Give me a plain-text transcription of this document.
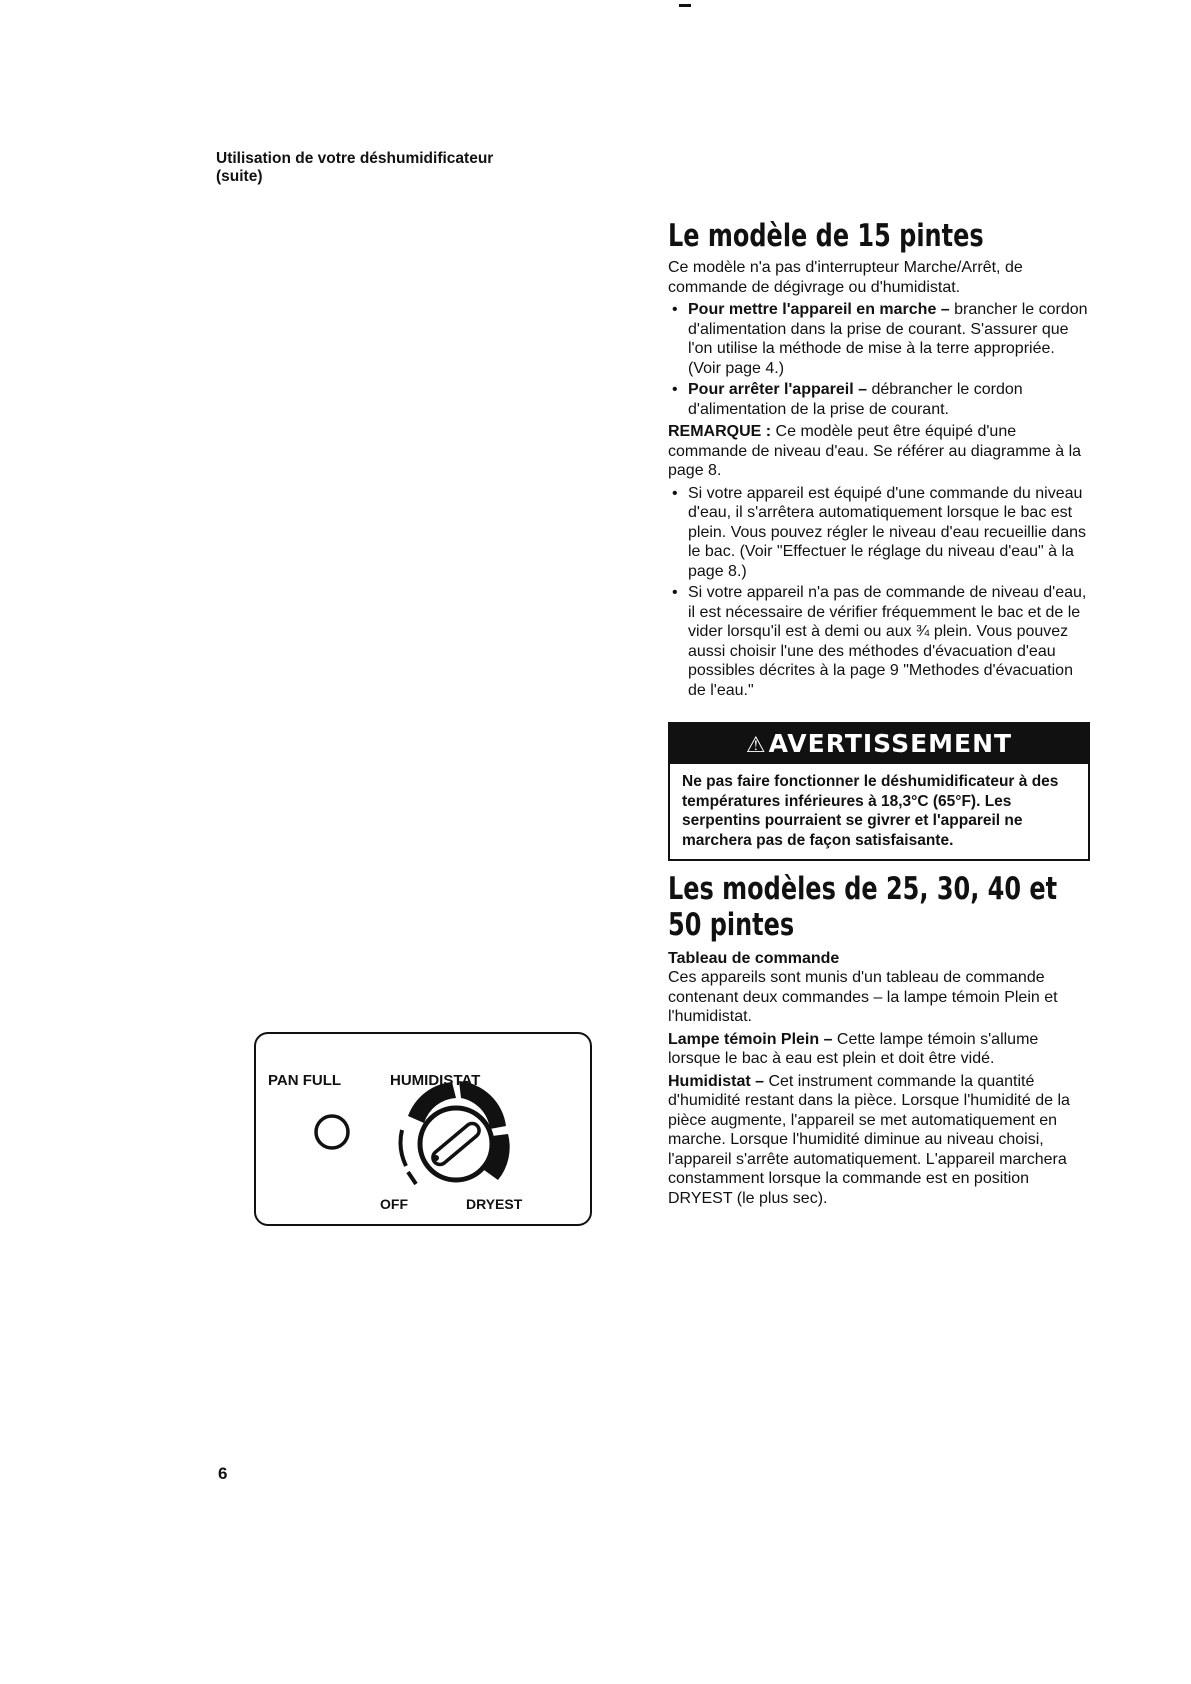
Utilisation de votre déshumidificateur
(suite)
Le modèle de 15 pintes

Ce modèle n'a pas d'interrupteur Marche/Arrêt, de commande de dégivrage ou d'humidistat.

• Pour mettre l'appareil en marche – brancher le cordon d'alimentation dans la prise de courant. S'assurer que l'on utilise la méthode de mise à la terre appropriée. (Voir page 4.)
• Pour arrêter l'appareil – débrancher le cordon d'alimentation de la prise de courant.

REMARQUE : Ce modèle peut être équipé d'une commande de niveau d'eau. Se référer au diagramme à la page 8.

• Si votre appareil est équipé d'une commande du niveau d'eau, il s'arrêtera automatiquement lorsque le bac est plein. Vous pouvez régler le niveau d'eau recueillie dans le bac. (Voir "Effectuer le réglage du niveau d'eau" à la page 8.)
• Si votre appareil n'a pas de commande de niveau d'eau, il est nécessaire de vérifier fréquemment le bac et de le vider lorsqu'il est à demi ou aux ¾ plein. Vous pouvez aussi choisir l'une des méthodes d'évacuation d'eau possibles décrites à la page 9 "Methodes d'évacuation de l'eau."
⚠AVERTISSEMENT
Ne pas faire fonctionner le déshumidificateur à des températures inférieures à 18,3°C (65°F). Les serpentins pourraient se givrer et l'appareil ne marchera pas de façon satisfaisante.
Les modèles de 25, 30, 40 et 50 pintes

Tableau de commande

Ces appareils sont munis d'un tableau de commande contenant deux commandes – la lampe témoin Plein et l'humidistat.

Lampe témoin Plein – Cette lampe témoin s'allume lorsque le bac à eau est plein et doit être vidé.

Humidistat – Cet instrument commande la quantité d'humidité restant dans la pièce. Lorsque l'humidité de la pièce augmente, l'appareil se met automatiquement en marche. Lorsque l'humidité diminue au niveau choisi, l'appareil s'arrête automatiquement. L'appareil marchera constamment lorsque la commande est en position DRYEST (le plus sec).

PAN FULL	HUMIDISTAT
OFF	DRYEST
6
